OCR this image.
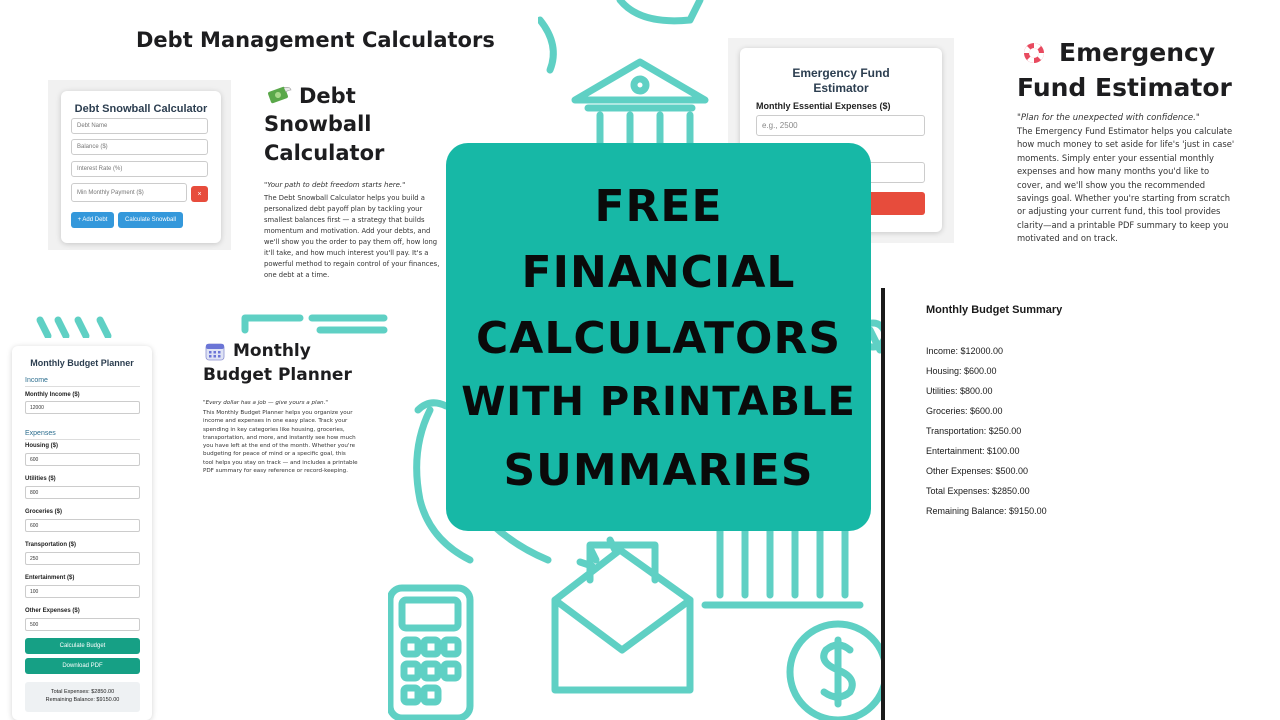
Debt Management Calculators
Debt Snowball Calculator
Debt Name
Balance ($)
Interest Rate (%)
Min Monthly Payment ($)	×
+ Add Debt	Calculate Snowball
Debt
Snowball
Calculator

"Your path to debt freedom starts here."

The Debt Snowball Calculator helps you build a personalized debt payoff plan by tackling your smallest balances first — a strategy that builds momentum and motivation. Add your debts, and we'll show you the order to pay them off, how long it'll take, and how much interest you'll pay. It's a powerful method to regain control of your finances, one debt at a time.

Emergency Fund
Estimator
Monthly Essential Expenses ($)
e.g., 2500
Emergency
Fund Estimator

"Plan for the unexpected with confidence."

The Emergency Fund Estimator helps you calculate how much money to set aside for life's 'just in case' moments. Simply enter your essential monthly expenses and how many months you'd like to cover, and we'll show you the recommended savings goal. Whether you're starting from scratch or adjusting your current fund, this tool provides clarity—and a printable PDF summary to keep you motivated and on track.

Monthly Budget Planner
Income
Monthly Income ($)
12000
Expenses
Housing ($)
600
Utilities ($)
800
Groceries ($)
600
Transportation ($)
250
Entertainment ($)
100
Other Expenses ($)
500
Calculate Budget
Download PDF
Total Expenses: $2850.00
Remaining Balance: $9150.00
Monthly
Budget Planner

"Every dollar has a job — give yours a plan."

This Monthly Budget Planner helps you organize your income and expenses in one easy place. Track your spending in key categories like housing, groceries, transportation, and more, and instantly see how much you have left at the end of the month. Whether you're budgeting for peace of mind or a specific goal, this tool helps you stay on track — and includes a printable PDF summary for easy reference or record-keeping.

Monthly Budget Summary
Income: $12000.00
Housing: $600.00
Utilities: $800.00
Groceries: $600.00
Transportation: $250.00
Entertainment: $100.00
Other Expenses: $500.00
Total Expenses: $2850.00
Remaining Balance: $9150.00
FREE
FINANCIAL
CALCULATORS
WITH PRINTABLE
SUMMARIES
